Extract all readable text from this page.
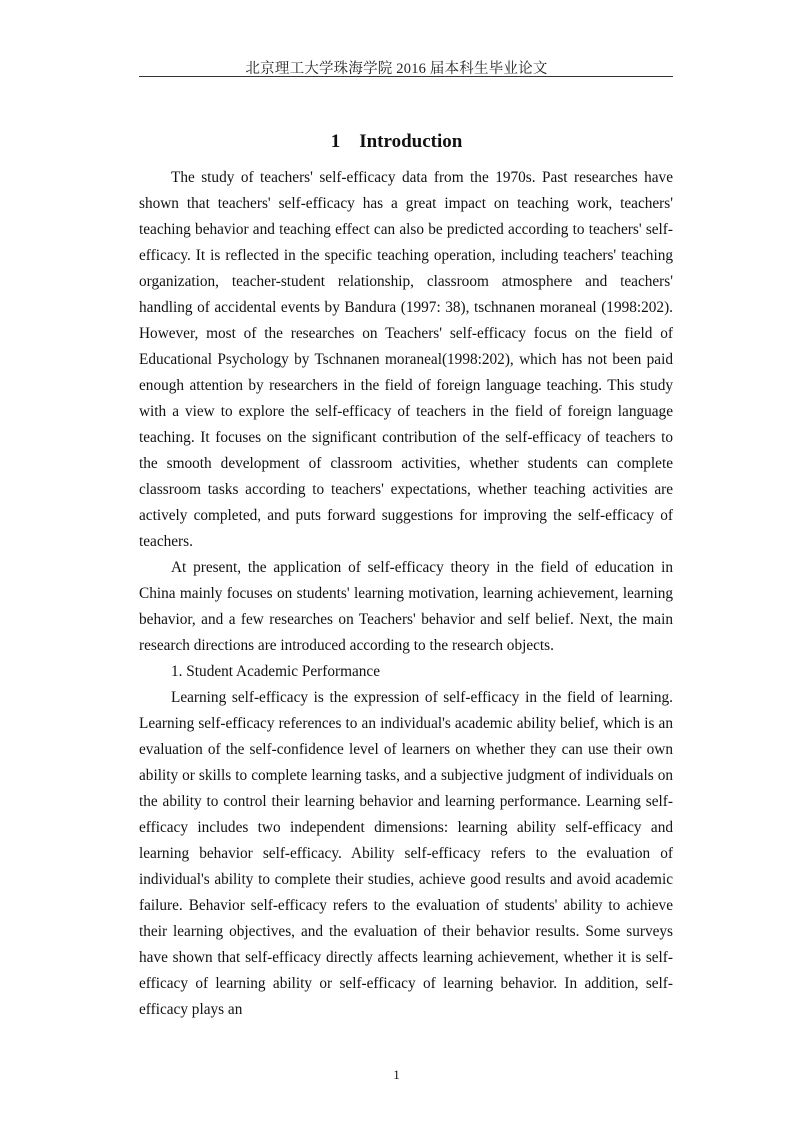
北京理工大学珠海学院 2016 届本科生毕业论文
1    Introduction

The study of teachers' self-efficacy data from the 1970s. Past researches have shown that teachers' self-efficacy has a great impact on teaching work, teachers' teaching behavior and teaching effect can also be predicted according to teachers' self-efficacy. It is reflected in the specific teaching operation, including teachers' teaching organization, teacher-student relationship, classroom atmosphere and teachers' handling of accidental events by Bandura (1997: 38), tschnanen moraneal (1998:202). However, most of the researches on Teachers' self-efficacy focus on the field of Educational Psychology by Tschnanen moraneal(1998:202), which has not been paid enough attention by researchers in the field of foreign language teaching. This study with a view to explore the self-efficacy of teachers in the field of foreign language teaching. It focuses on the significant contribution of the self-efficacy of teachers to the smooth development of classroom activities, whether students can complete classroom tasks according to teachers' expectations, whether teaching activities are actively completed, and puts forward suggestions for improving the self-efficacy of teachers.

At present, the application of self-efficacy theory in the field of education in China mainly focuses on students' learning motivation, learning achievement, learning behavior, and a few researches on Teachers' behavior and self belief. Next, the main research directions are introduced according to the research objects.

1. Student Academic Performance

Learning self-efficacy is the expression of self-efficacy in the field of learning. Learning self-efficacy references to an individual's academic ability belief, which is an evaluation of the self-confidence level of learners on whether they can use their own ability or skills to complete learning tasks, and a subjective judgment of individuals on the ability to control their learning behavior and learning performance. Learning self-efficacy includes two independent dimensions: learning ability self-efficacy and learning behavior self-efficacy. Ability self-efficacy refers to the evaluation of individual's ability to complete their studies, achieve good results and avoid academic failure. Behavior self-efficacy refers to the evaluation of students' ability to achieve their learning objectives, and the evaluation of their behavior results. Some surveys have shown that self-efficacy directly affects learning achievement, whether it is self-efficacy of learning ability or self-efficacy of learning behavior. In addition, self-efficacy plays an

1
